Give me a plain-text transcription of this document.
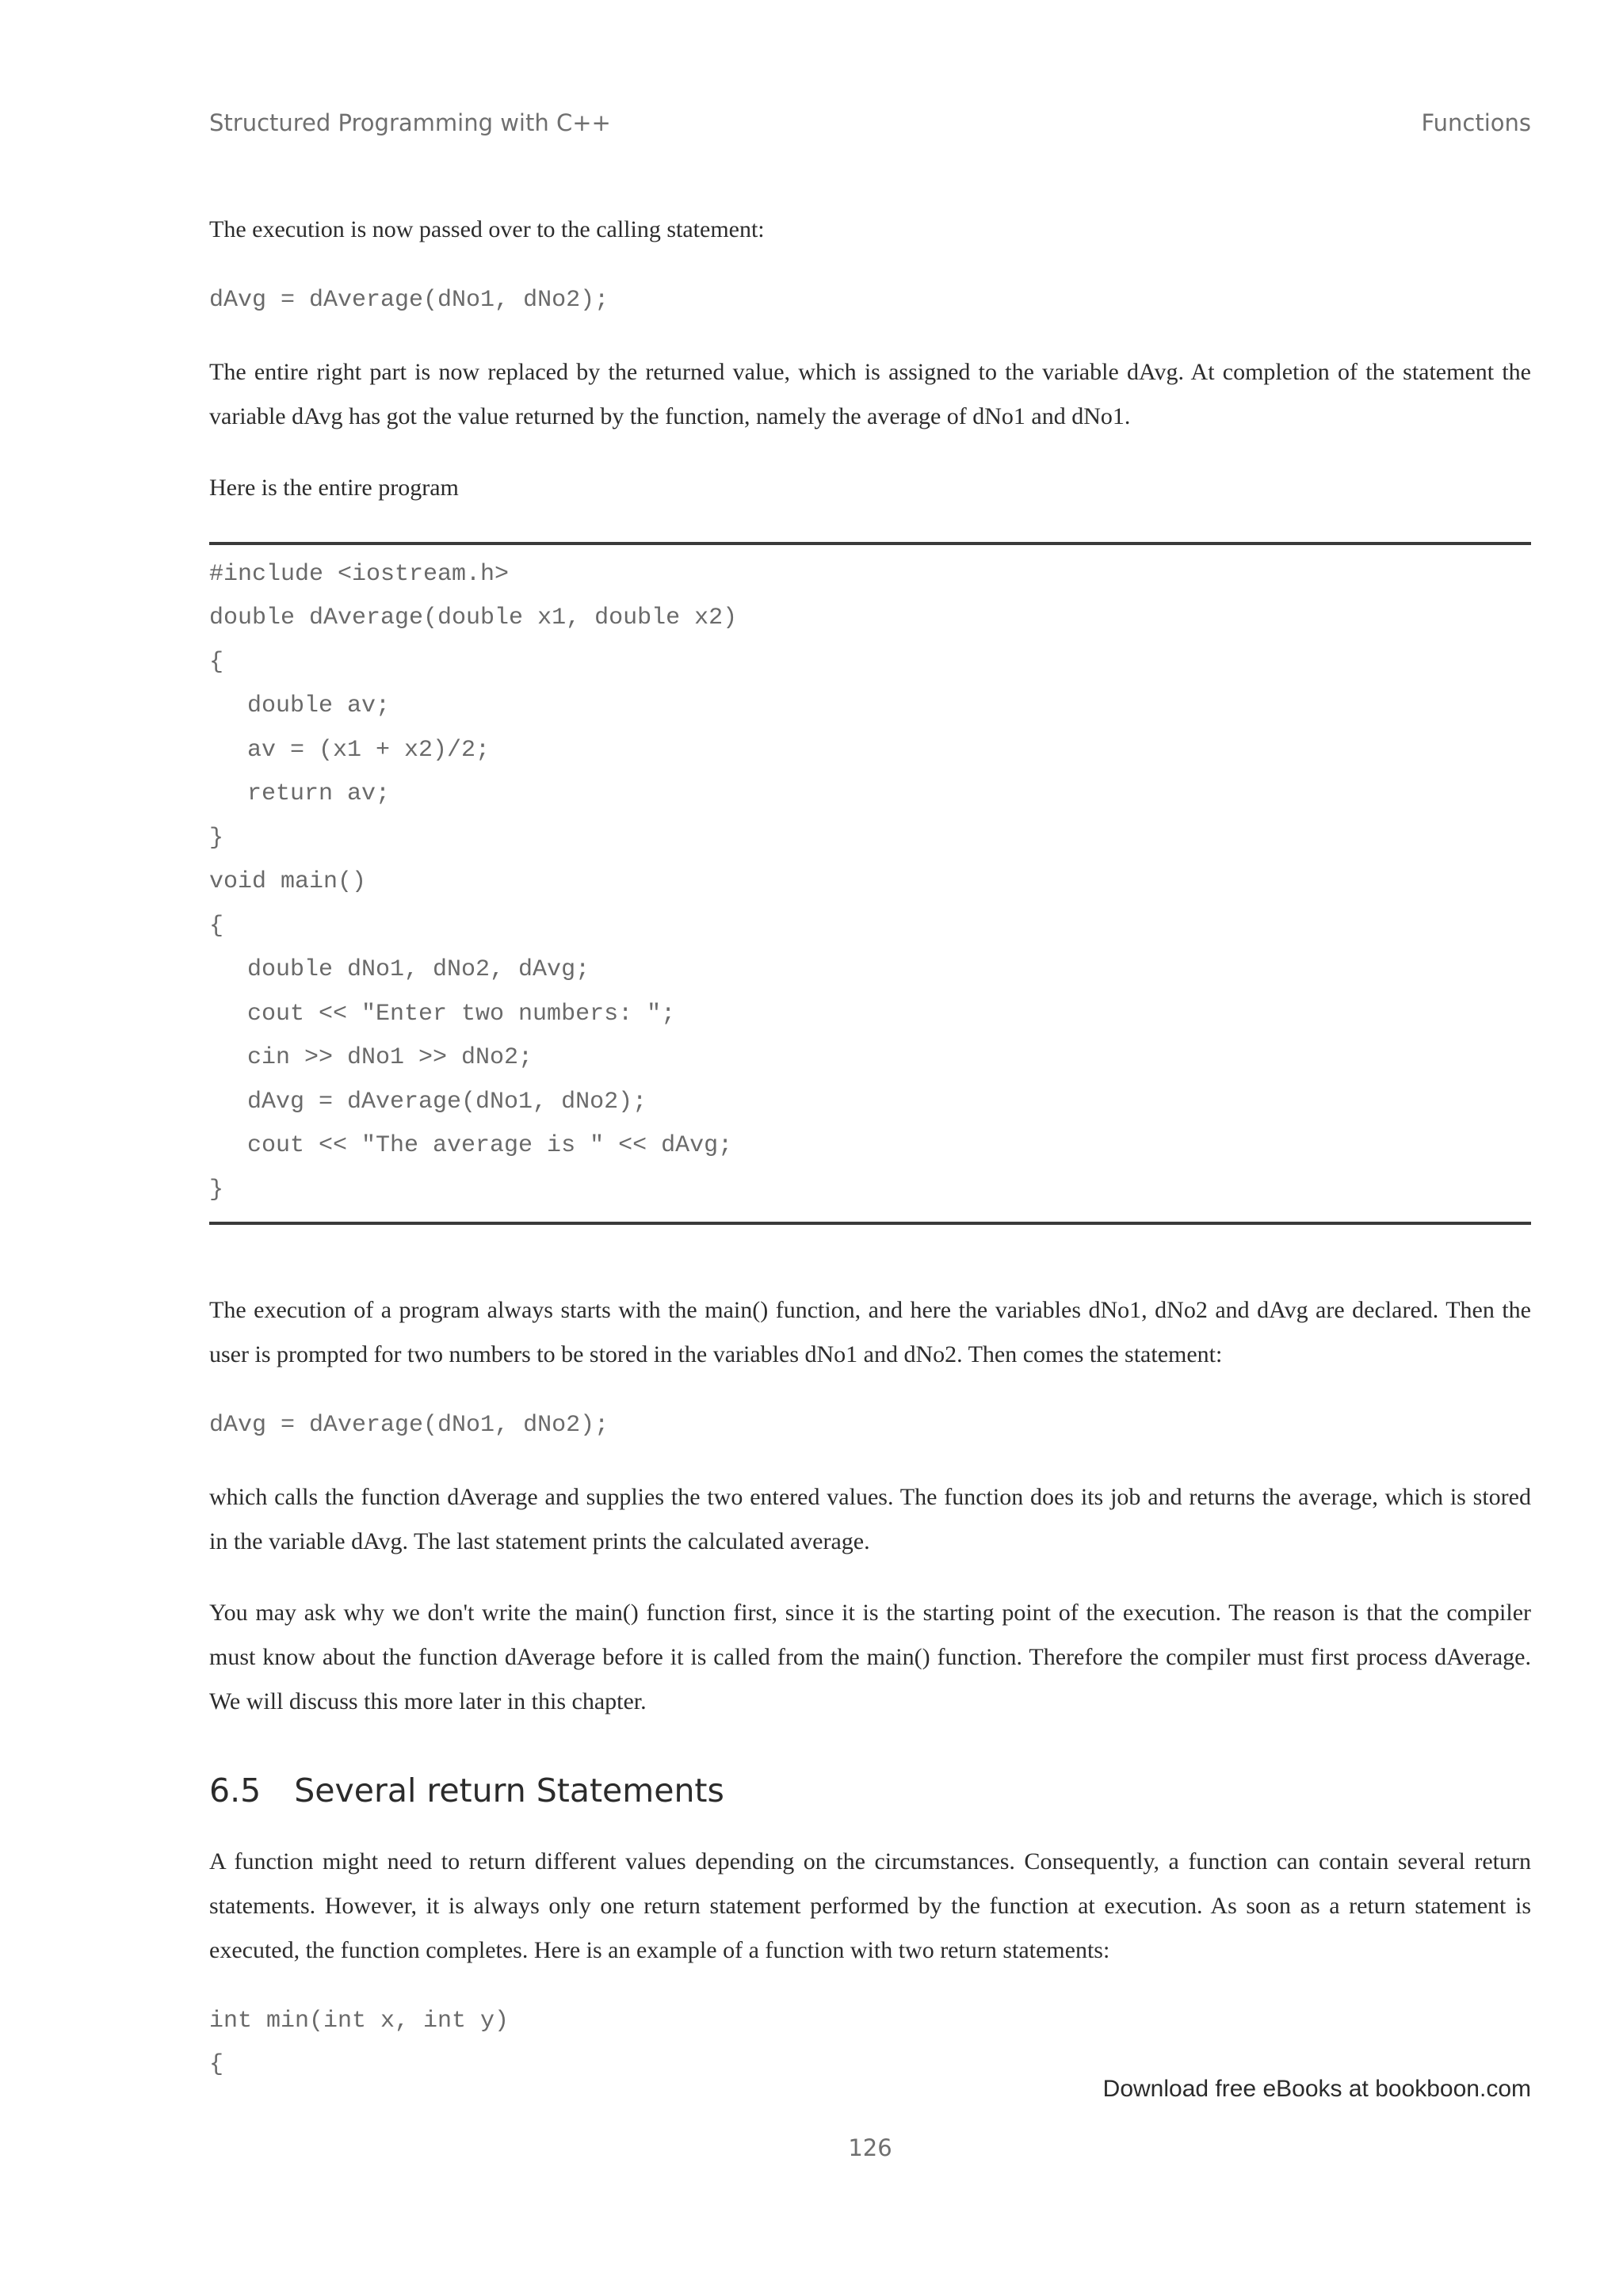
Structured Programming with C++	Functions

The execution is now passed over to the calling statement:

dAvg = dAverage(dNo1, dNo2);

The entire right part is now replaced by the returned value, which is assigned to the variable dAvg. At completion of the statement the variable dAvg has got the value returned by the function, namely the average of dNo1 and dNo1.

Here is the entire program

#include <iostream.h>

double dAverage(double x1, double x2)

{

double av;

av = (x1 + x2)/2;

return av;

}

void main()

{

double dNo1, dNo2, dAvg;

cout << "Enter two numbers: ";

cin >> dNo1 >> dNo2;

dAvg = dAverage(dNo1, dNo2);

cout << "The average is " << dAvg;

}

The execution of a program always starts with the main() function, and here the variables dNo1, dNo2 and dAvg are declared. Then the user is prompted for two numbers to be stored in the variables dNo1 and dNo2. Then comes the statement:

dAvg = dAverage(dNo1, dNo2);

which calls the function dAverage and supplies the two entered values. The function does its job and returns the average, which is stored in the variable dAvg. The last statement prints the calculated average.

You may ask why we don't write the main() function first, since it is the starting point of the execution. The reason is that the compiler must know about the function dAverage before it is called from the main() function. Therefore the compiler must first process dAverage. We will discuss this more later in this chapter.

6.5 Several return Statements

A function might need to return different values depending on the circumstances. Consequently, a function can contain several return statements. However, it is always only one return statement performed by the function at execution. As soon as a return statement is executed, the function completes. Here is an example of a function with two return statements:

int min(int x, int y)

{

Download free eBooks at bookboon.com
126
